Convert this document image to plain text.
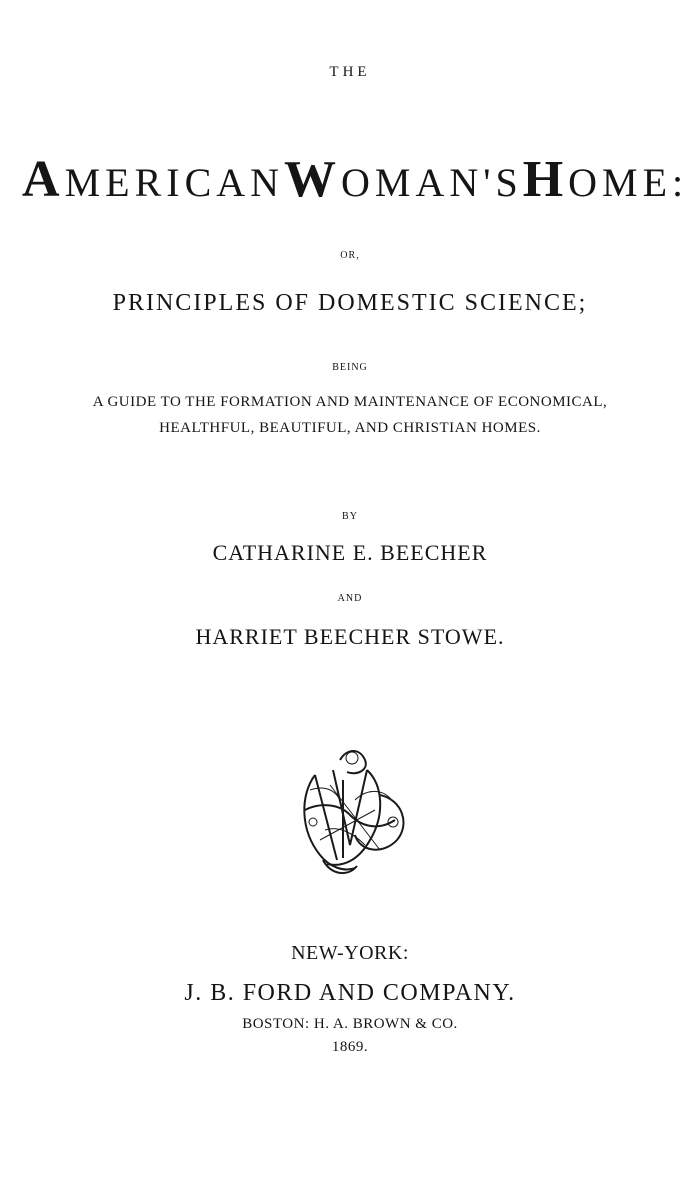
THE
AMERICAN WOMAN'S HOME:
OR,
PRINCIPLES OF DOMESTIC SCIENCE;
BEING
A GUIDE TO THE FORMATION AND MAINTENANCE OF ECONOMICAL,
HEALTHFUL, BEAUTIFUL, AND CHRISTIAN HOMES.
BY
CATHARINE E. BEECHER
AND
HARRIET BEECHER STOWE.
NEW-YORK:
J. B. FORD AND COMPANY.
BOSTON: H. A. BROWN & CO.
1869.
